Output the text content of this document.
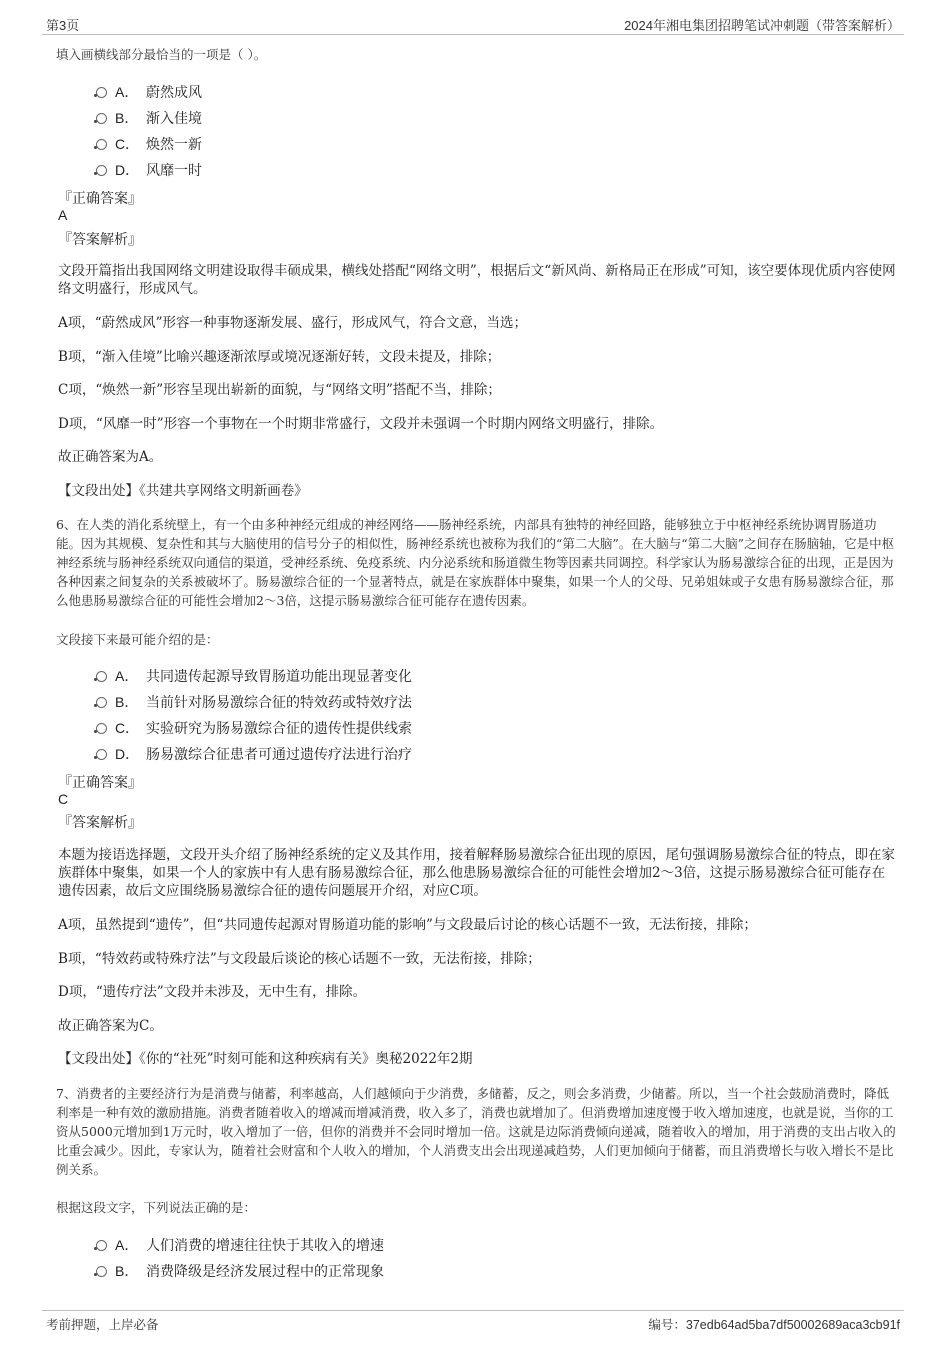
第3页	2024年湘电集团招聘笔试冲刺题（带答案解析）
填入画横线部分最恰当的一项是（ ）。
A． 蔚然成风
B． 渐入佳境
C． 焕然一新
D． 风靡一时
『正确答案』
A
『答案解析』
文段开篇指出我国网络文明建设取得丰硕成果，横线处搭配“网络文明”，根据后文“新风尚、新格局正在形成”可知，该空要体现优质内容使网络文明盛行，形成风气。
A项，“蔚然成风”形容一种事物逐渐发展、盛行，形成风气，符合文意，当选；
B项，“渐入佳境”比喻兴趣逐渐浓厚或境况逐渐好转，文段未提及，排除；
C项，“焕然一新”形容呈现出崭新的面貌，与“网络文明”搭配不当，排除；
D项，“风靡一时”形容一个事物在一个时期非常盛行，文段并未强调一个时期内网络文明盛行，排除。
故正确答案为A。
【文段出处】《共建共享网络文明新画卷》
6、在人类的消化系统壁上，有一个由多种神经元组成的神经网络——肠神经系统，内部具有独特的神经回路，能够独立于中枢神经系统协调胃肠道功能。因为其规模、复杂性和其与大脑使用的信号分子的相似性，肠神经系统也被称为我们的“第二大脑”。在大脑与“第二大脑”之间存在肠脑轴，它是中枢神经系统与肠神经系统双向通信的渠道，受神经系统、免疫系统、内分泌系统和肠道微生物等因素共同调控。科学家认为肠易激综合征的出现，正是因为各种因素之间复杂的关系被破坏了。肠易激综合征的一个显著特点，就是在家族群体中聚集，如果一个人的父母、兄弟姐妹或子女患有肠易激综合征，那么他患肠易激综合征的可能性会增加2～3倍，这提示肠易激综合征可能存在遗传因素。
文段接下来最可能介绍的是：
A． 共同遗传起源导致胃肠道功能出现显著变化
B． 当前针对肠易激综合征的特效药或特效疗法
C． 实验研究为肠易激综合征的遗传性提供线索
D． 肠易激综合征患者可通过遗传疗法进行治疗
『正确答案』
C
『答案解析』
本题为接语选择题，文段开头介绍了肠神经系统的定义及其作用，接着解释肠易激综合征出现的原因，尾句强调肠易激综合征的特点，即在家族群体中聚集，如果一个人的家族中有人患有肠易激综合征，那么他患肠易激综合征的可能性会增加2～3倍，这提示肠易激综合征可能存在遗传因素，故后文应围绕肠易激综合征的遗传问题展开介绍，对应C项。
A项，虽然提到“遗传”，但“共同遗传起源对胃肠道功能的影响”与文段最后讨论的核心话题不一致，无法衔接，排除；
B项，“特效药或特殊疗法”与文段最后谈论的核心话题不一致，无法衔接，排除；
D项，“遗传疗法”文段并未涉及，无中生有，排除。
故正确答案为C。
【文段出处】《你的“社死”时刻可能和这种疾病有关》奥秘2022年2期
7、消费者的主要经济行为是消费与储蓄，利率越高，人们越倾向于少消费，多储蓄，反之，则会多消费，少储蓄。所以，当一个社会鼓励消费时，降低利率是一种有效的激励措施。消费者随着收入的增减而增减消费，收入多了，消费也就增加了。但消费增加速度慢于收入增加速度，也就是说，当你的工资从5000元增加到1万元时，收入增加了一倍，但你的消费并不会同时增加一倍。这就是边际消费倾向递减，随着收入的增加，用于消费的支出占收入的比重会减少。因此，专家认为，随着社会财富和个人收入的增加，个人消费支出会出现递减趋势，人们更加倾向于储蓄，而且消费增长与收入增长不是比例关系。
根据这段文字，下列说法正确的是：
A． 人们消费的增速往往快于其收入的增速
B． 消费降级是经济发展过程中的正常现象
考前押题，上岸必备	编号：37edb64ad5ba7df50002689aca3cb91f
